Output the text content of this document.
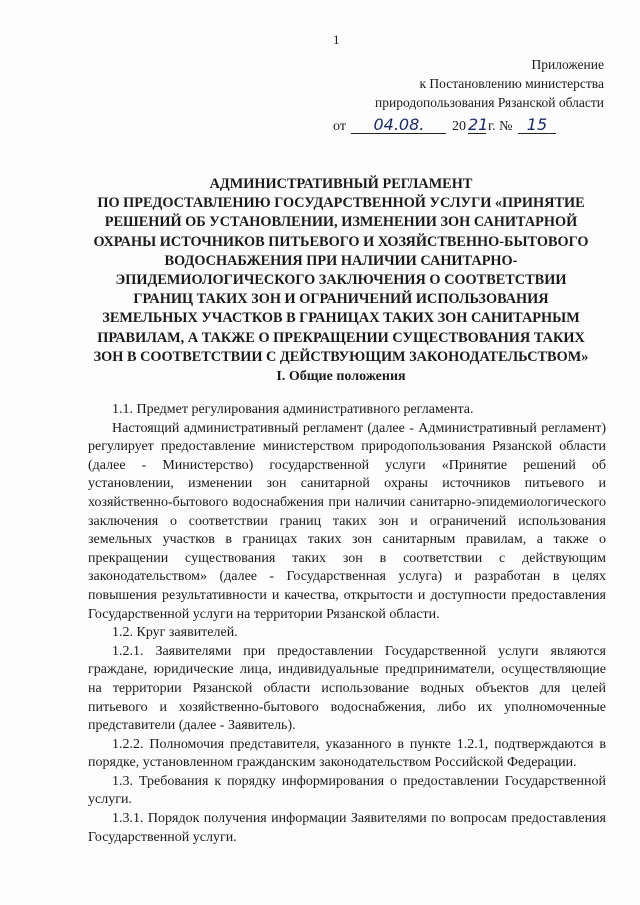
1
Приложение
к Постановлению министерства
природопользования Рязанской области
от 04.08. 20 21г. № 15
АДМИНИСТРАТИВНЫЙ РЕГЛАМЕНТ
ПО ПРЕДОСТАВЛЕНИЮ ГОСУДАРСТВЕННОЙ УСЛУГИ «ПРИНЯТИЕ
РЕШЕНИЙ ОБ УСТАНОВЛЕНИИ, ИЗМЕНЕНИИ ЗОН САНИТАРНОЙ
ОХРАНЫ ИСТОЧНИКОВ ПИТЬЕВОГО И ХОЗЯЙСТВЕННО-БЫТОВОГО
ВОДОСНАБЖЕНИЯ ПРИ НАЛИЧИИ САНИТАРНО-
ЭПИДЕМИОЛОГИЧЕСКОГО ЗАКЛЮЧЕНИЯ О СООТВЕТСТВИИ
ГРАНИЦ ТАКИХ ЗОН И ОГРАНИЧЕНИЙ ИСПОЛЬЗОВАНИЯ
ЗЕМЕЛЬНЫХ УЧАСТКОВ В ГРАНИЦАХ ТАКИХ ЗОН САНИТАРНЫМ
ПРАВИЛАМ, А ТАКЖЕ О ПРЕКРАЩЕНИИ СУЩЕСТВОВАНИЯ ТАКИХ
ЗОН В СООТВЕТСТВИИ С ДЕЙСТВУЮЩИМ ЗАКОНОДАТЕЛЬСТВОМ»
I. Общие положения

1.1. Предмет регулирования административного регламента.

Настоящий административный регламент (далее - Административный регламент) регулирует предоставление министерством природопользования Рязанской области (далее - Министерство) государственной услуги «Принятие решений об установлении, изменении зон санитарной охраны источников питьевого и хозяйственно-бытового водоснабжения при наличии санитарно-эпидемиологического заключения о соответствии границ таких зон и ограничений использования земельных участков в границах таких зон санитарным правилам, а также о прекращении существования таких зон в соответствии с действующим законодательством» (далее - Государственная услуга) и разработан в целях повышения результативности и качества, открытости и доступности предоставления Государственной услуги на территории Рязанской области.

1.2. Круг заявителей.

1.2.1. Заявителями при предоставлении Государственной услуги являются граждане, юридические лица, индивидуальные предприниматели, осуществляющие на территории Рязанской области использование водных объектов для целей питьевого и хозяйственно-бытового водоснабжения, либо их уполномоченные представители (далее - Заявитель).

1.2.2. Полномочия представителя, указанного в пункте 1.2.1, подтверждаются в порядке, установленном гражданским законодательством Российской Федерации.

1.3. Требования к порядку информирования о предоставлении Государственной услуги.

1.3.1. Порядок получения информации Заявителями по вопросам предоставления Государственной услуги.
